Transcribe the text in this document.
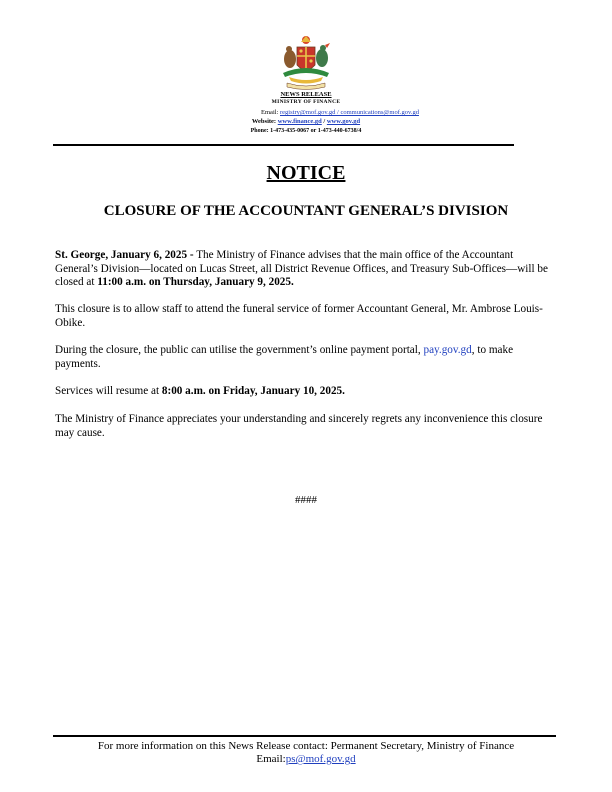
NEWS RELEASE
MINISTRY OF FINANCE
Email: registry@mof.gov.gd / communications@mof.gov.gd
Website: www.finance.gd / www.gov.gd
Phone: 1-473-435-0067 or 1-473-440-6738/4
NOTICE
CLOSURE OF THE ACCOUNTANT GENERAL’S DIVISION
St. George, January 6, 2025 - The Ministry of Finance advises that the main office of the Accountant General’s Division—located on Lucas Street, all District Revenue Offices, and Treasury Sub-Offices—will be closed at 11:00 a.m. on Thursday, January 9, 2025.
This closure is to allow staff to attend the funeral service of former Accountant General, Mr. Ambrose Louis-Obike.
During the closure, the public can utilise the government’s online payment portal, pay.gov.gd, to make payments.
Services will resume at 8:00 a.m. on Friday, January 10, 2025.
The Ministry of Finance appreciates your understanding and sincerely regrets any inconvenience this closure may cause.
####
For more information on this News Release contact: Permanent Secretary, Ministry of Finance
Email:ps@mof.gov.gd
